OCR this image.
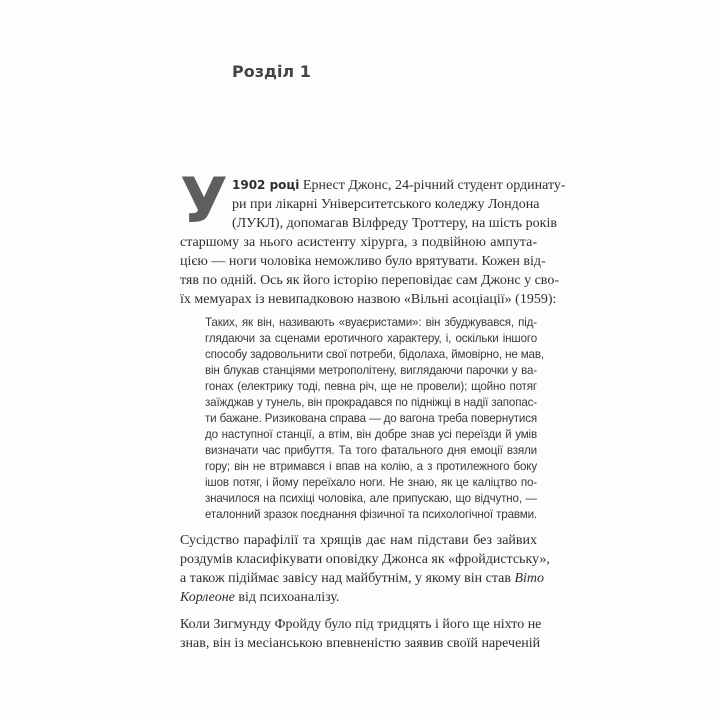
Розділ 1
У 1902 році Ернест Джонс, 24-річний студент ординату-
ри при лікарні Університетського коледжу Лондона
(ЛУКЛ), допомагав Вілфреду Троттеру, на шість років
старшому за нього асистенту хірурга, з подвійною ампута-
цією — ноги чоловіка неможливо було врятувати. Кожен від-
тяв по одній. Ось як його історію переповідає сам Джонс у сво-
їх мемуарах із невипадковою назвою «Вільні асоціації» (1959):
Таких, як він, називають «вуаєристами»: він збуджувався, під-
глядаючи за сценами еротичного характеру, і, оскільки іншого
способу задовольнити свої потреби, бідолаха, ймовірно, не мав,
він блукав станціями метрополітену, виглядаючи парочки у ва-
гонах (електрику тоді, певна річ, ще не провели); щойно потяг
заїжджав у тунель, він прокрадався по підніжці в надії запопас-
ти бажане. Ризикована справа — до вагона треба повернутися
до наступної станції, а втім, він добре знав усі переїзди й умів
визначати час прибуття. Та того фатального дня емоції взяли
гору; він не втримався і впав на колію, а з протилежного боку
ішов потяг, і йому переїхало ноги. Не знаю, як це каліцтво по-
значилося на психіці чоловіка, але припускаю, що відчутно, —
еталонний зразок поєднання фізичної та психологічної травми.
Сусідство парафілії та хрящів дає нам підстави без зайвих
роздумів класифікувати оповідку Джонса як «фройдистську»,
а також підіймає завісу над майбутнім, у якому він став Віто
Корлеоне від психоаналізу.
Коли Зигмунду Фройду було під тридцять і його ще ніхто не
знав, він із месіанською впевненістю заявив своїй нареченій
